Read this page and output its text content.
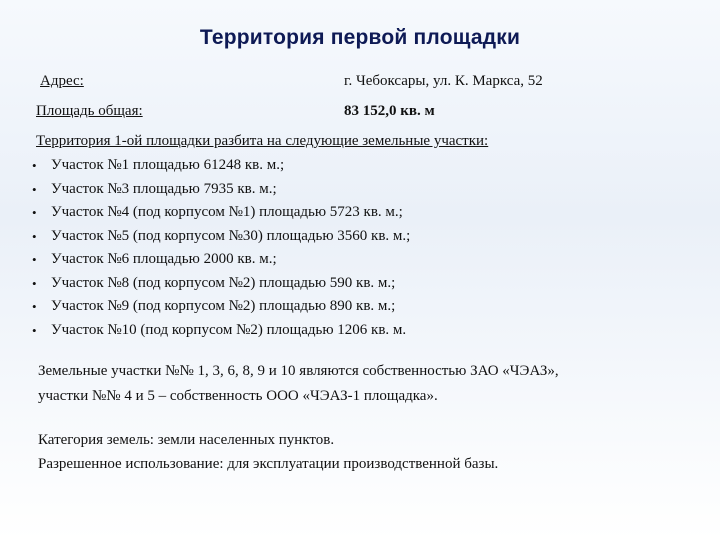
Территория первой площадки
Адрес:	г. Чебоксары, ул. К. Маркса, 52
Площадь общая:	83 152,0 кв. м
Территория 1-ой площадки разбита на следующие земельные участки:
• Участок №1 площадью 61248 кв. м.;
• Участок №3 площадью 7935 кв. м.;
• Участок №4 (под корпусом №1) площадью 5723 кв. м.;
• Участок №5 (под корпусом №30) площадью 3560 кв. м.;
• Участок №6 площадью 2000 кв. м.;
• Участок №8 (под корпусом №2) площадью 590 кв. м.;
• Участок №9 (под корпусом №2) площадью 890 кв. м.;
• Участок №10 (под корпусом №2) площадью 1206 кв. м.
Земельные участки №№ 1, 3, 6, 8, 9 и 10 являются собственностью ЗАО «ЧЭАЗ»,
участки №№ 4 и 5 – собственность ООО «ЧЭАЗ-1 площадка».
Категория земель: земли населенных пунктов.
Разрешенное использование: для эксплуатации производственной базы.
